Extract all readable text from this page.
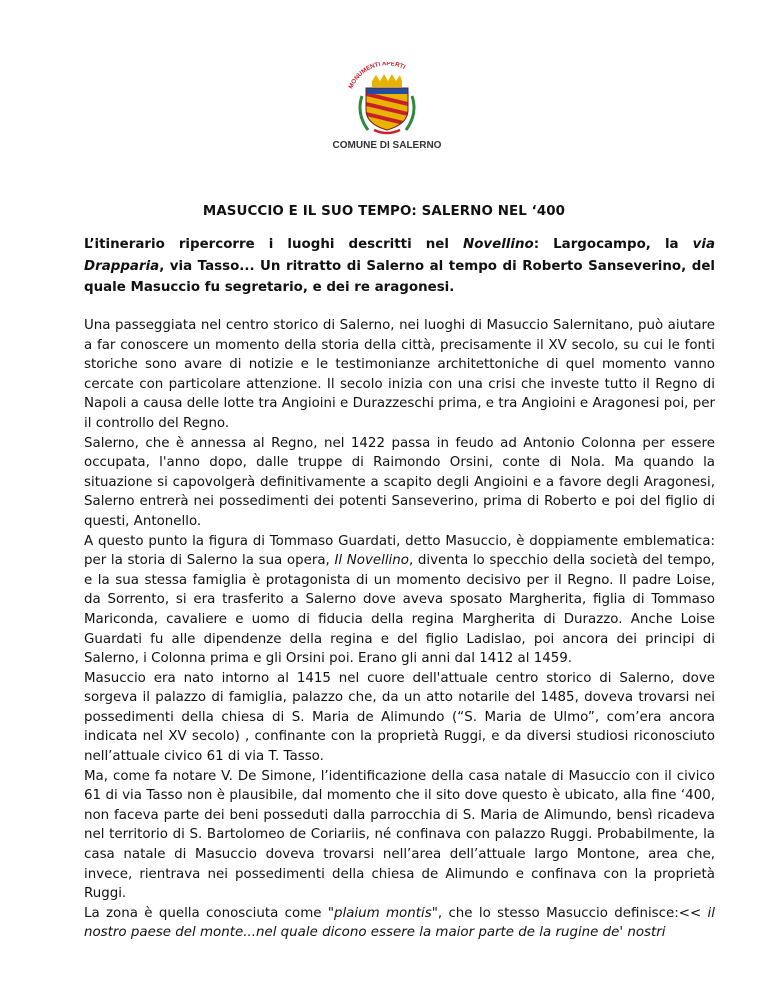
MONUMENTI APERTI
COMUNE DI SALERNO
MASUCCIO E IL SUO TEMPO: SALERNO NEL ‘400

L’itinerario ripercorre i luoghi descritti nel Novellino: Largocampo, la via Drapparia, via Tasso... Un ritratto di Salerno al tempo di Roberto Sanseverino, del quale Masuccio fu segretario, e dei re aragonesi.

Una passeggiata nel centro storico di Salerno, nei luoghi di Masuccio Salernitano, può aiutare a far conoscere un momento della storia della città, precisamente il XV secolo, su cui le fonti storiche sono avare di notizie e le testimonianze architettoniche di quel momento vanno cercate con particolare attenzione. Il secolo inizia con una crisi che investe tutto il Regno di Napoli a causa delle lotte tra Angioini e Durazzeschi prima, e tra Angioini e Aragonesi poi, per il controllo del Regno.

Salerno, che è annessa al Regno, nel 1422 passa in feudo ad Antonio Colonna per essere occupata, l'anno dopo, dalle truppe di Raimondo Orsini, conte di Nola. Ma quando la situazione si capovolgerà definitivamente a scapito degli Angioini e a favore degli Aragonesi, Salerno entrerà nei possedimenti dei potenti Sanseverino, prima di Roberto e poi del figlio di questi, Antonello.

A questo punto la figura di Tommaso Guardati, detto Masuccio, è doppiamente emblematica: per la storia di Salerno la sua opera, Il Novellino, diventa lo specchio della società del tempo, e la sua stessa famiglia è protagonista di un momento decisivo per il Regno. Il padre Loise, da Sorrento, si era trasferito a Salerno dove aveva sposato Margherita, figlia di Tommaso Mariconda, cavaliere e uomo di fiducia della regina Margherita di Durazzo. Anche Loise Guardati fu alle dipendenze della regina e del figlio Ladislao, poi ancora dei principi di Salerno, i Colonna prima e gli Orsini poi. Erano gli anni dal 1412 al 1459.

Masuccio era nato intorno al 1415 nel cuore dell'attuale centro storico di Salerno, dove sorgeva il palazzo di famiglia, palazzo che, da un atto notarile del 1485, doveva trovarsi nei possedimenti della chiesa di S. Maria de Alimundo (“S. Maria de Ulmo”, com’era ancora indicata nel XV secolo) , confinante con la proprietà Ruggi, e da diversi studiosi riconosciuto nell’attuale civico 61 di via T. Tasso.

Ma, come fa notare V. De Simone, l’identificazione della casa natale di Masuccio con il civico 61 di via Tasso non è plausibile, dal momento che il sito dove questo è ubicato, alla fine ‘400, non faceva parte dei beni posseduti dalla parrocchia di S. Maria de Alimundo, bensì ricadeva nel territorio di S. Bartolomeo de Coriariis, né confinava con palazzo Ruggi. Probabilmente, la casa natale di Masuccio doveva trovarsi nell’area dell’attuale largo Montone, area che, invece, rientrava nei possedimenti della chiesa de Alimundo e confinava con la proprietà Ruggi.

La zona è quella conosciuta come "plaium montis", che lo stesso Masuccio definisce:<< il nostro paese del monte...nel quale dicono essere la maior parte de la rugine de' nostri
